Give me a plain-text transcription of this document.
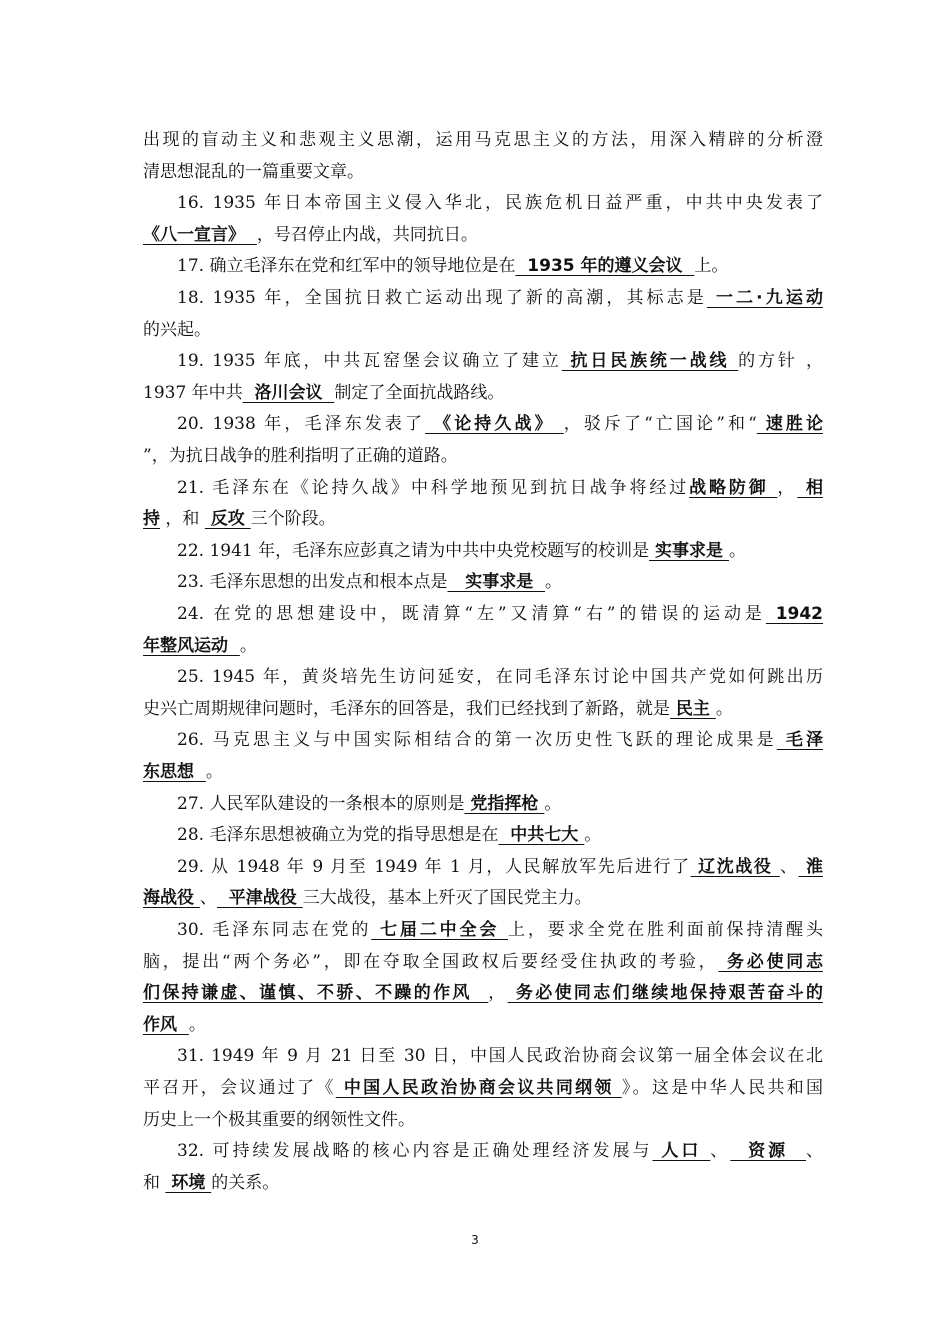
出现的盲动主义和悲观主义思潮，运用马克思主义的方法，用深入精辟的分析澄
清思想混乱的一篇重要文章。
16. 1935 年日本帝国主义侵入华北，民族危机日益严重，中共中央发表了
《八一宣言》 ，号召停止内战，共同抗日。
17. 确立毛泽东在党和红军中的领导地位是在  1935 年的遵义会议  上。
18. 1935 年，全国抗日救亡运动出现了新的高潮，其标志是 一二·九运动
的兴起。
19. 1935 年底，中共瓦窑堡会议确立了建立 抗日民族统一战线 的方针 ，
1937 年中共  洛川会议  制定了全面抗战路线。
20. 1938 年，毛泽东发表了 《论持久战》 ，驳斥了“亡国论”和“ 速胜论
”，为抗日战争的胜利指明了正确的道路。
21. 毛泽东在《论持久战》中科学地预见到抗日战争将经过战略防御 ， 相
持 ，和  反攻 三个阶段。
22. 1941 年，毛泽东应彭真之请为中共中央党校题写的校训是 实事求是 。
23. 毛泽东思想的出发点和根本点是   实事求是  。
24. 在党的思想建设中，既清算“左”又清算“右”的错误的运动是 1942
年整风运动  。
25. 1945 年，黄炎培先生访问延安，在同毛泽东讨论中国共产党如何跳出历
史兴亡周期规律问题时，毛泽东的回答是，我们已经找到了新路，就是 民主 。
26. 马克思主义与中国实际相结合的第一次历史性飞跃的理论成果是 毛泽
东思想  。
27. 人民军队建设的一条根本的原则是 党指挥枪 。
28. 毛泽东思想被确立为党的指导思想是在  中共七大 。
29. 从 1948 年 9 月至 1949 年 1 月，人民解放军先后进行了 辽沈战役 、 淮
海战役 、  平津战役 三大战役，基本上歼灭了国民党主力。
30. 毛泽东同志在党的 七届二中全会 上，要求全党在胜利面前保持清醒头
脑，提出“两个务必”，即在夺取全国政权后要经受住执政的考验， 务必使同志
们保持谦虚、谨慎、不骄、不躁的作风  ， 务必使同志们继续地保持艰苦奋斗的
作风  。
31. 1949 年 9 月 21 日至 30 日，中国人民政治协商会议第一届全体会议在北
平召开，会议通过了《 中国人民政治协商会议共同纲领 》。这是中华人民共和国
历史上一个极其重要的纲领性文件。
32. 可持续发展战略的核心内容是正确处理经济发展与 人口 、  资源  、
和  环境 的关系。
3
